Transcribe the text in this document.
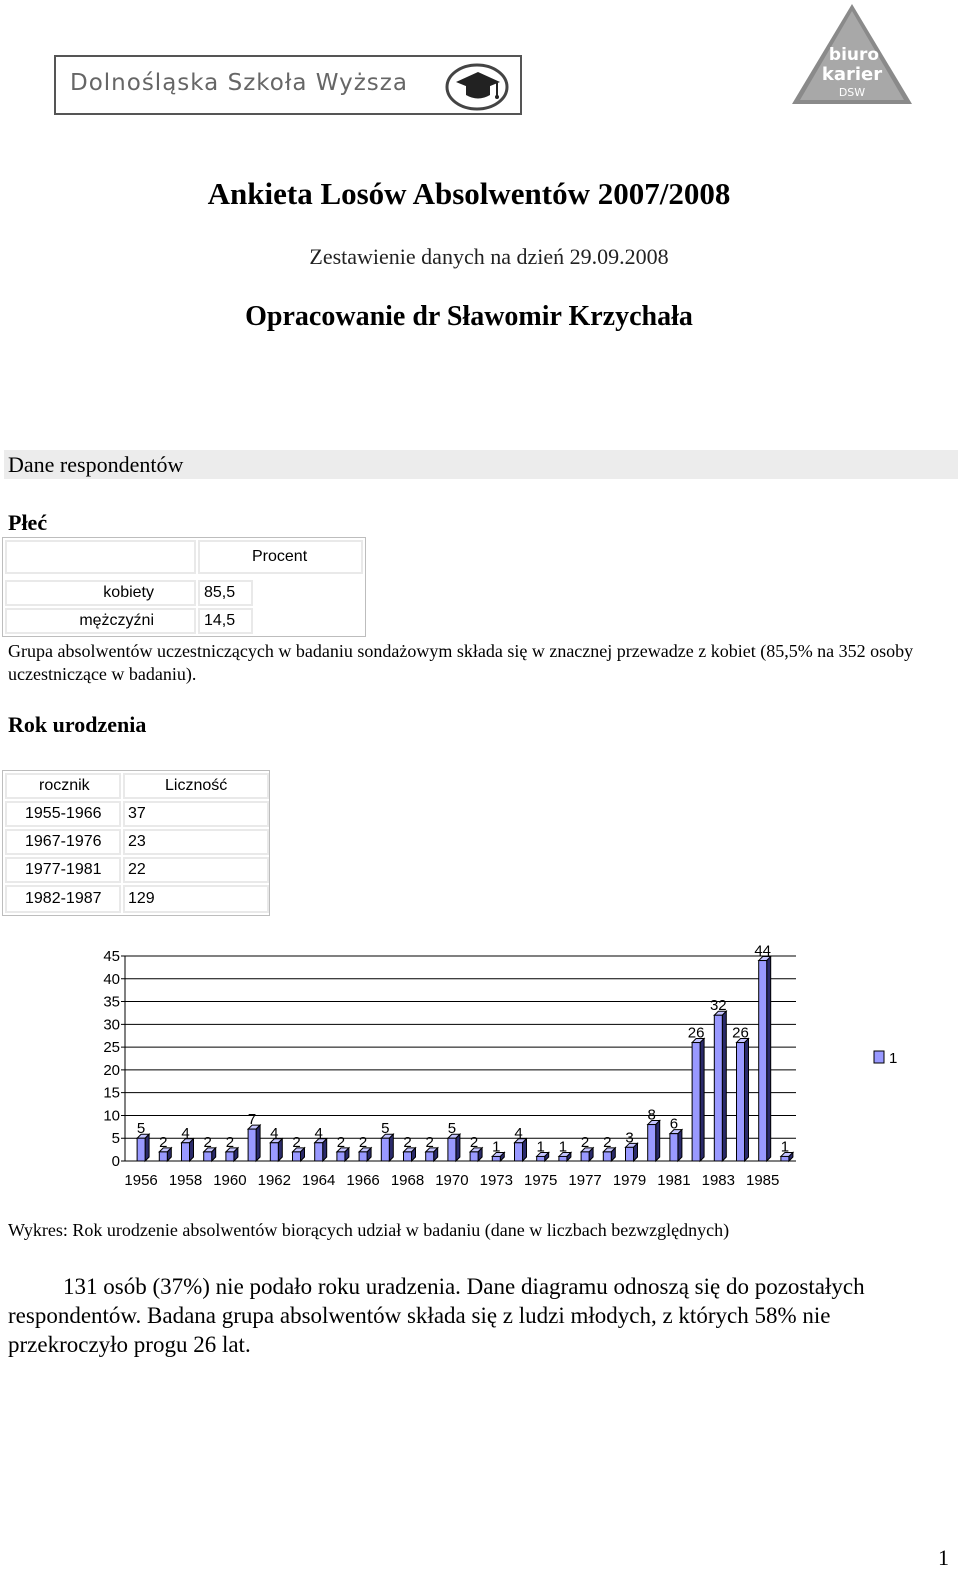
Dolnośląska Szkoła Wyższa
biuro
karier
DSW
Ankieta Losów Absolwentów 2007/2008
Zestawienie danych na dzień 29.09.2008
Opracowanie dr Sławomir Krzychała
Dane respondentów
Płeć
Procent
kobiety	85,5
mężczyźni	14,5
Grupa absolwentów uczestniczących w badaniu sondażowym składa się w znacznej przewadze z kobiet (85,5% na 352 osoby uczestniczące w badaniu).
Rok urodzenia
rocznik	Liczność
1955-1966 37
1967-1976 23
1977-1981 22
1982-1987 129
0
5
10
15
20
25
30
35
40
45
5
2
4
2 2
7
4
2
4
2 2
5
2 2
5
2 1
4
1 1 2 2 3
8
6
26
32
26
44
1
1956 1958 1960 1962 1964 1966 1968 1970 1973 1975 1977 1979 1981 1983 1985
1
Wykres: Rok urodzenie absolwentów biorących udział w badaniu (dane w liczbach bezwzględnych)
131 osób (37%) nie podało roku uradzenia. Dane diagramu odnoszą się do pozostałych respondentów. Badana grupa absolwentów składa się z ludzi młodych, z których 58% nie przekroczyło progu 26 lat.
1
